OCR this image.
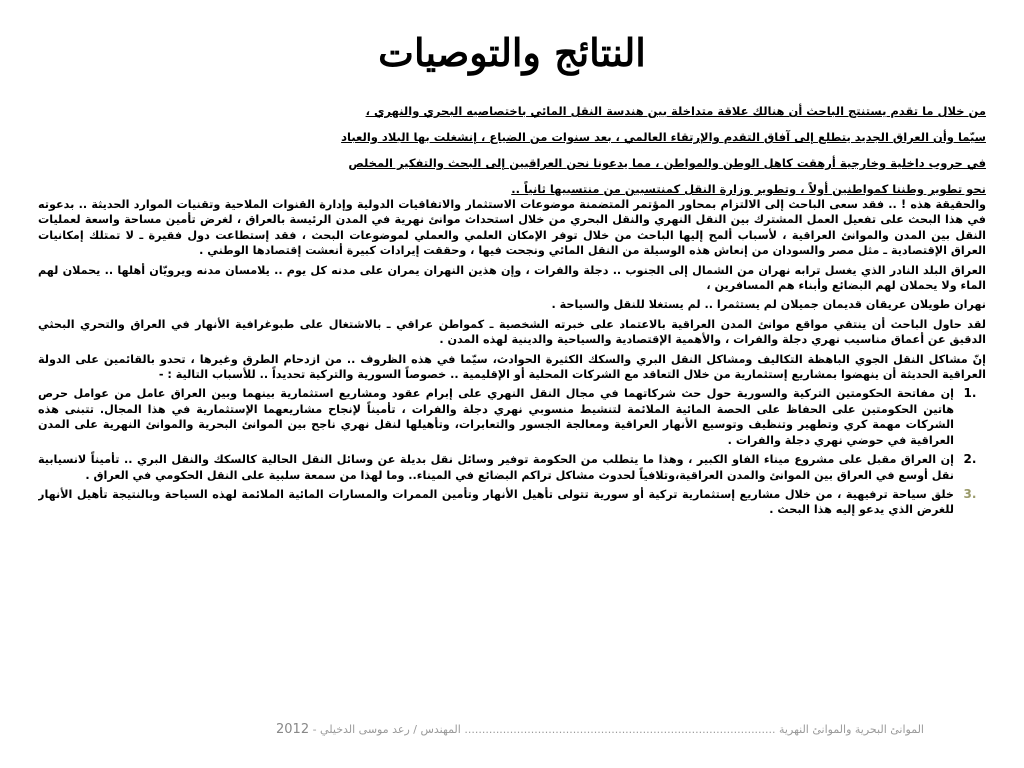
النتائج والتوصيات
من خلال ما تقدم يستنتج الباحث أن هنالك علاقة متداخلة بين هندسة النقل المائي باختصاصيه البحري والنهري ،
سيّما وأن العراق الجديد يتطلع إلى آفاق التقدم والإرتقاء العالمي ، بعد سنوات من الضياع ، إنشغلت بها البلاد والعباد
في حروب داخلية وخارجية أرهقت كاهل الوطن والمواطن ، مما يدعونا نحن العراقيين إلى البحث والتفكير المخلص
نحو تطوير وطننا كمواطنين أولاً ، وتطوير وزارة النقل كمنتسبين من منتسبيها ثانياً ..

والحقيقة هذه ! .. فقد سعى الباحث إلى الالتزام بمحاور المؤتمر المتضمنة موضوعات الاستثمار والاتفاقيات الدولية وإدارة القنوات الملاحية وتقنيات الموارد الحديثة .. بدعوته في هذا البحث على تفعيل العمل المشترك بين النقل النهري والنقل البحري من خلال استحداث موانئ نهرية في المدن الرئيسة بالعراق ، لغرض تأمين مساحة واسعة لعمليات النقل بين المدن والموانئ العراقية ، لأسباب ألمح إليها الباحث من خلال توفر الإمكان العلمي والعملي لموضوعات البحث ، فقد إستطاعت دول فقيرة ـ لا تمتلك إمكانيات العراق الإقتصادية ـ مثل مصر والسودان من إنعاش هذه الوسيلة من النقل المائي ونجحت فيها ، وحققت إيرادات كبيرة أنعشت إقتصادها الوطني .

العراق البلد النادر الذي يغسل ترابه نهران من الشمال إلى الجنوب .. دجلة والفرات ، وإن هذين النهران يمران على مدنه كل يوم .. يلامسان مدنه ويرويّان أهلها .. يحملان لهم الماء ولا يحملان لهم البضائع وأبناء هم المسافرين ،

نهران طويلان عريقان قديمان جميلان لم يستثمرا .. لم يستغلا للنقل والسياحة .

لقد حاول الباحث أن ينتقي مواقع موانئ المدن العراقية بالاعتماد على خبرته الشخصية ـ كمواطن عراقي ـ بالاشتغال على طبوغرافية الأنهار في العراق والتحري البحثي الدقيق عن أعماق مناسيب نهري دجلة والفرات ، والأهمية الإقتصادية والسياحية والدينية لهذه المدن .

إنّ مشاكل النقل الجوي الباهظة التكاليف ومشاكل النقل البري والسكك الكثيرة الحوادث، سيّما في هذه الظروف .. من ازدحام الطرق وغيرها ، تحدو بالقائمين على الدولة العراقية الحديثة أن ينهضوا بمشاريع إستثمارية من خلال التعاقد مع الشركات المحلية أو الإقليمية .. خصوصاً السورية والتركية تحديداً .. للأسباب التالية : -

1.
إن مفاتحة الحكومتين التركية والسورية حول حث شركاتهما في مجال النقل النهري على إبرام عقود ومشاريع استثمارية بينهما وبين العراق عامل من عوامل حرص هاتين الحكومتين على الحفاظ على الحصة المائية الملائمة لتنشيط منسوبي نهري دجلة والفرات ، تأميناً لإنجاح مشاريعهما الإستثمارية في هذا المجال. تتبنى هذه الشركات مهمة كري وتطهير وتنظيف وتوسيع الأنهار العراقية ومعالجة الجسور والتعابرات، وتأهيلها لنقل نهري ناجح بين الموانئ البحرية والموانئ النهرية على المدن العراقية في حوضي نهري دجلة والفرات .
2.
إن العراق مقبل على مشروع ميناء الفاو الكبير ، وهذا ما يتطلب من الحكومة توفير وسائل نقل بديلة عن وسائل النقل الحالية كالسكك والنقل البري .. تأميناً لانسيابية نقل أوسع في العراق بين الموانئ والمدن العراقية،وتلافياً لحدوث مشاكل تراكم البضائع في الميناء.. وما لهذا من سمعة سلبية على النقل الحكومي في العراق .
3.
خلق سياحة ترفيهية ، من خلال مشاريع إستثمارية تركية أو سورية تتولى تأهيل الأنهار وتأمين الممرات والمسارات المائية الملائمة لهذه السياحة وبالنتيجة تأهيل الأنهار للغرض الذي يدعو إليه هذا البحث .
الموانئ البحرية والموانئ النهرية ......................................................................................... المهندس / رعد موسى الدخيلي - 2012
